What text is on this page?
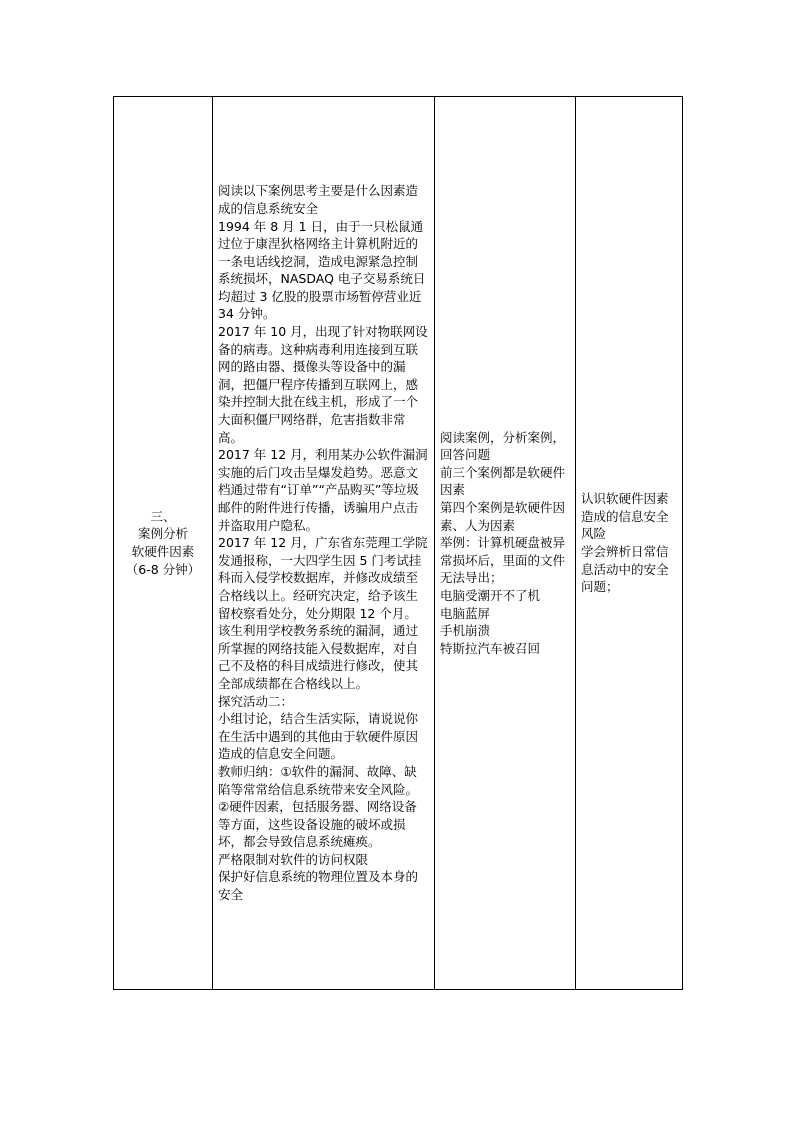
三、
案例分析
软硬件因素
（6-8 分钟）

阅读以下案例思考主要是什么因素造成的信息系统安全
1994 年 8 月 1 日，由于一只松鼠通过位于康涅狄格网络主计算机附近的一条电话线挖洞，造成电源紧急控制系统损坏，NASDAQ 电子交易系统日均超过 3 亿股的股票市场暂停营业近 34 分钟。
2017 年 10 月，出现了针对物联网设备的病毒。这种病毒利用连接到互联网的路由器、摄像头等设备中的漏洞，把僵尸程序传播到互联网上，感染并控制大批在线主机，形成了一个大面积僵尸网络群，危害指数非常高。
2017 年 12 月，利用某办公软件漏洞实施的后门攻击呈爆发趋势。恶意文档通过带有“订单”“产品购买”等垃圾邮件的附件进行传播，诱骗用户点击并盗取用户隐私。
2017 年 12 月，广东省东莞理工学院发通报称，一大四学生因 5 门考试挂科而入侵学校数据库，并修改成绩至合格线以上。经研究决定，给予该生留校察看处分，处分期限 12 个月。该生利用学校教务系统的漏洞，通过所掌握的网络技能入侵数据库，对自己不及格的科目成绩进行修改，使其全部成绩都在合格线以上。
探究活动二：
小组讨论，结合生活实际，请说说你在生活中遇到的其他由于软硬件原因造成的信息安全问题。
教师归纳：①软件的漏洞、故障、缺陷等常常给信息系统带来安全风险。
②硬件因素，包括服务器、网络设备等方面，这些设备设施的破坏或损坏，都会导致信息系统瘫痪。
严格限制对软件的访问权限
保护好信息系统的物理位置及本身的安全

阅读案例，分析案例，回答问题
前三个案例都是软硬件因素
第四个案例是软硬件因素、人为因素
举例：计算机硬盘被异常损坏后，里面的文件无法导出；
电脑受潮开不了机
电脑蓝屏
手机崩溃
特斯拉汽车被召回

认识软硬件因素造成的信息安全风险
学会辨析日常信息活动中的安全问题；
